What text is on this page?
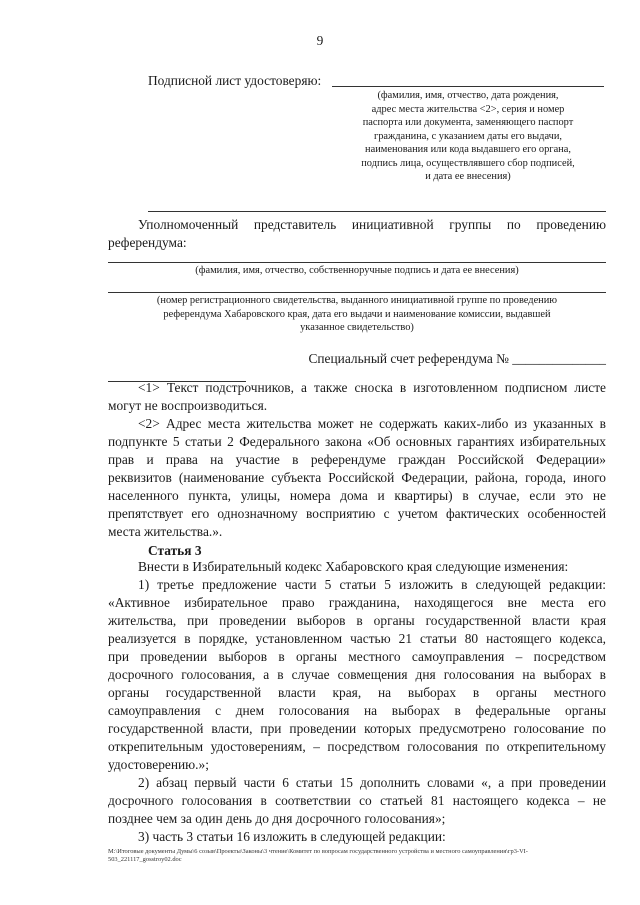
9
Подписной лист удостоверяю:
(фамилия, имя, отчество, дата рождения,
адрес места жительства <2>, серия и номер
паспорта или документа, заменяющего паспорт
гражданина, с указанием даты его выдачи,
наименования или кода выдавшего его органа,
подпись лица, осуществлявшего сбор подписей,
и дата ее внесения)
Уполномоченный представитель инициативной группы по проведению
референдума:
(фамилия, имя, отчество, собственноручные подпись и дата ее внесения)
(номер регистрационного свидетельства, выданного инициативной группе по проведению
референдума Хабаровского края, дата его выдачи и наименование комиссии, выдавшей
указанное свидетельство)
Специальный счет референдума № ______________
<1> Текст подстрочников, а также сноска в изготовленном подписном листе
могут не воспроизводиться.
<2> Адрес места жительства может не содержать каких-либо из указанных в
подпункте 5 статьи 2 Федерального закона «Об основных гарантиях избирательных
прав и права на участие в референдуме граждан Российской Федерации»
реквизитов (наименование субъекта Российской Федерации, района, города, иного
населенного пункта, улицы, номера дома и квартиры) в случае, если это не
препятствует его однозначному восприятию с учетом фактических особенностей
места жительства.».
Статья 3
Внести в Избирательный кодекс Хабаровского края следующие изменения:
1) третье предложение части 5 статьи 5 изложить в следующей редакции:
«Активное избирательное право гражданина, находящегося вне места его
жительства, при проведении выборов в органы государственной власти края
реализуется в порядке, установленном частью 21 статьи 80 настоящего кодекса,
при проведении выборов в органы местного самоуправления – посредством
досрочного голосования, а в случае совмещения дня голосования на выборах в
органы государственной власти края, на выборах в органы местного
самоуправления с днем голосования на выборах в федеральные органы
государственной власти, при проведении которых предусмотрено голосование по
открепительным удостоверениям, – посредством голосования по открепительному
удостоверению.»;
2) абзац первый части 6 статьи 15 дополнить словами «, а при проведении
досрочного голосования в соответствии со статьей 81 настоящего кодекса – не
позднее чем за один день до дня досрочного голосования»;
3) часть 3 статьи 16 изложить в следующей редакции:
M:\Итоговые документы Думы\6 созыв\Проекты\Законы\3 чтение\Комитет по вопросам государственного устройства и местного самоуправления\гр3-VI-
503_221117_gosstroy02.doc
